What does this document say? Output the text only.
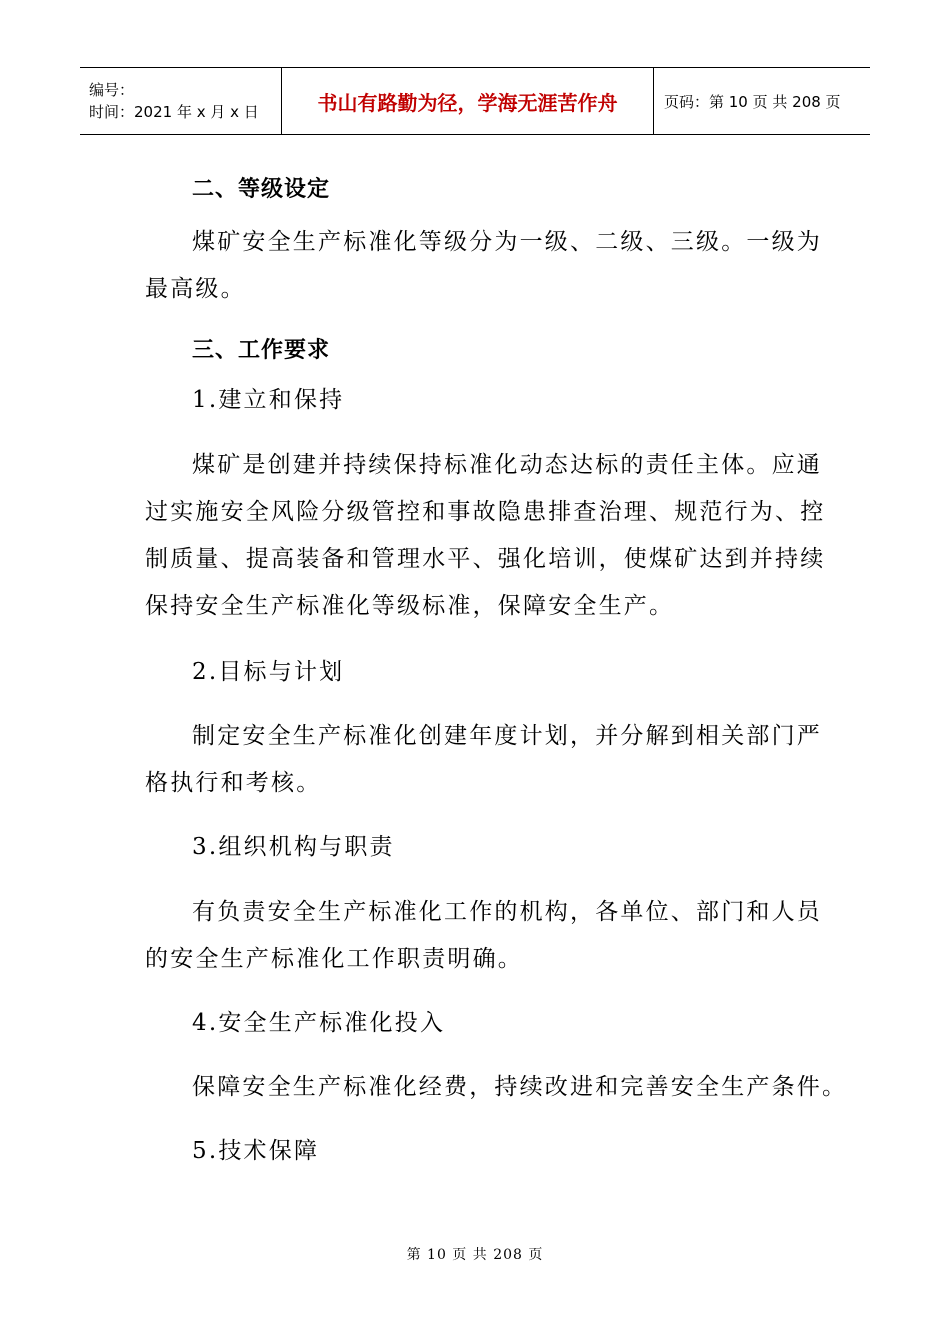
编号：
时间：2021 年 x 月 x 日	书山有路勤为径，学海无涯苦作舟	页码：第 10 页 共 208 页
二、等级设定
煤矿安全生产标准化等级分为一级、二级、三级。一级为
最高级。
三、工作要求
1.建立和保持
煤矿是创建并持续保持标准化动态达标的责任主体。应通
过实施安全风险分级管控和事故隐患排查治理、规范行为、控
制质量、提高装备和管理水平、强化培训，使煤矿达到并持续
保持安全生产标准化等级标准，保障安全生产。
2.目标与计划
制定安全生产标准化创建年度计划，并分解到相关部门严
格执行和考核。
3.组织机构与职责
有负责安全生产标准化工作的机构，各单位、部门和人员
的安全生产标准化工作职责明确。
4.安全生产标准化投入
保障安全生产标准化经费，持续改进和完善安全生产条件。
5.技术保障
第 10 页 共 208 页
